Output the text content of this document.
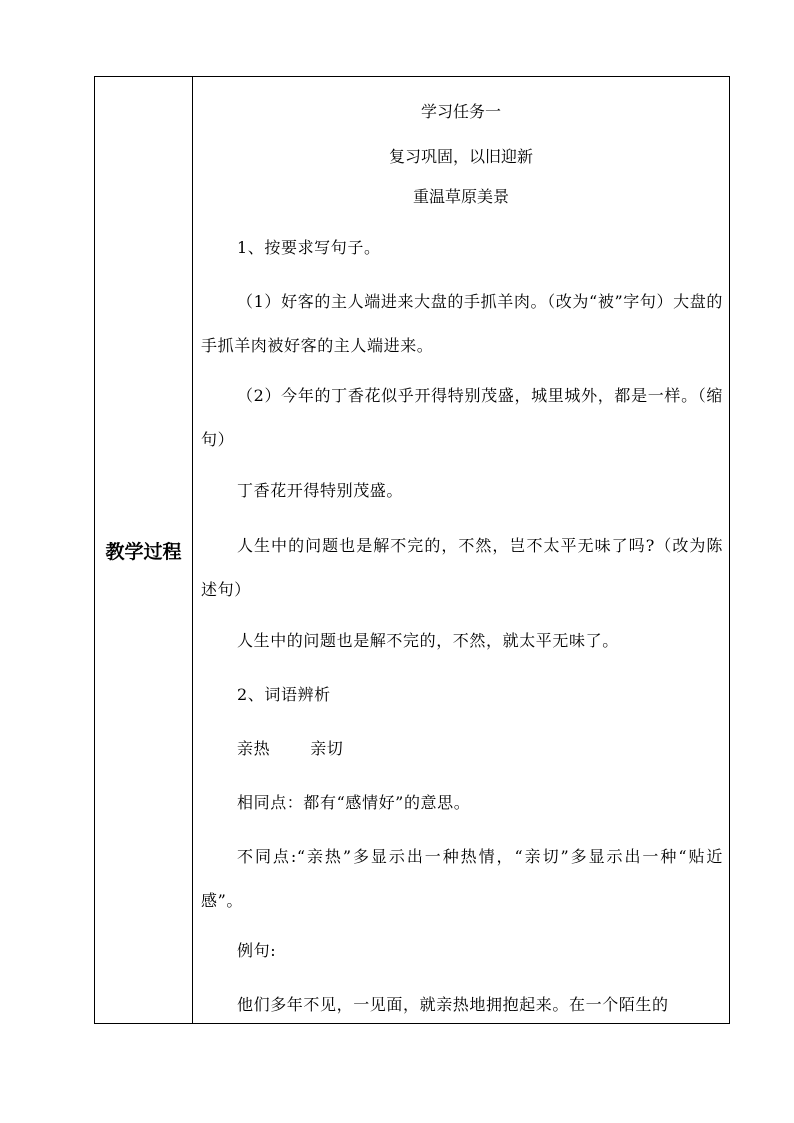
教学过程
学习任务一
复习巩固，以旧迎新
重温草原美景
1、按要求写句子。
（1）好客的主人端进来大盘的手抓羊肉。（改为“被”字句）大盘的手抓羊肉被好客的主人端进来。
（2）今年的丁香花似乎开得特别茂盛，城里城外，都是一样。（缩句）
丁香花开得特别茂盛。
人生中的问题也是解不完的，不然，岂不太平无味了吗?（改为陈述句）
人生中的问题也是解不完的，不然，就太平无味了。
2、词语辨析
亲热	亲切
相同点：都有“感情好”的意思。
不同点:“亲热”多显示出一种热情，“亲切”多显示出一种“贴近感”。
例句:
他们多年不见，一见面，就亲热地拥抱起来。在一个陌生的
